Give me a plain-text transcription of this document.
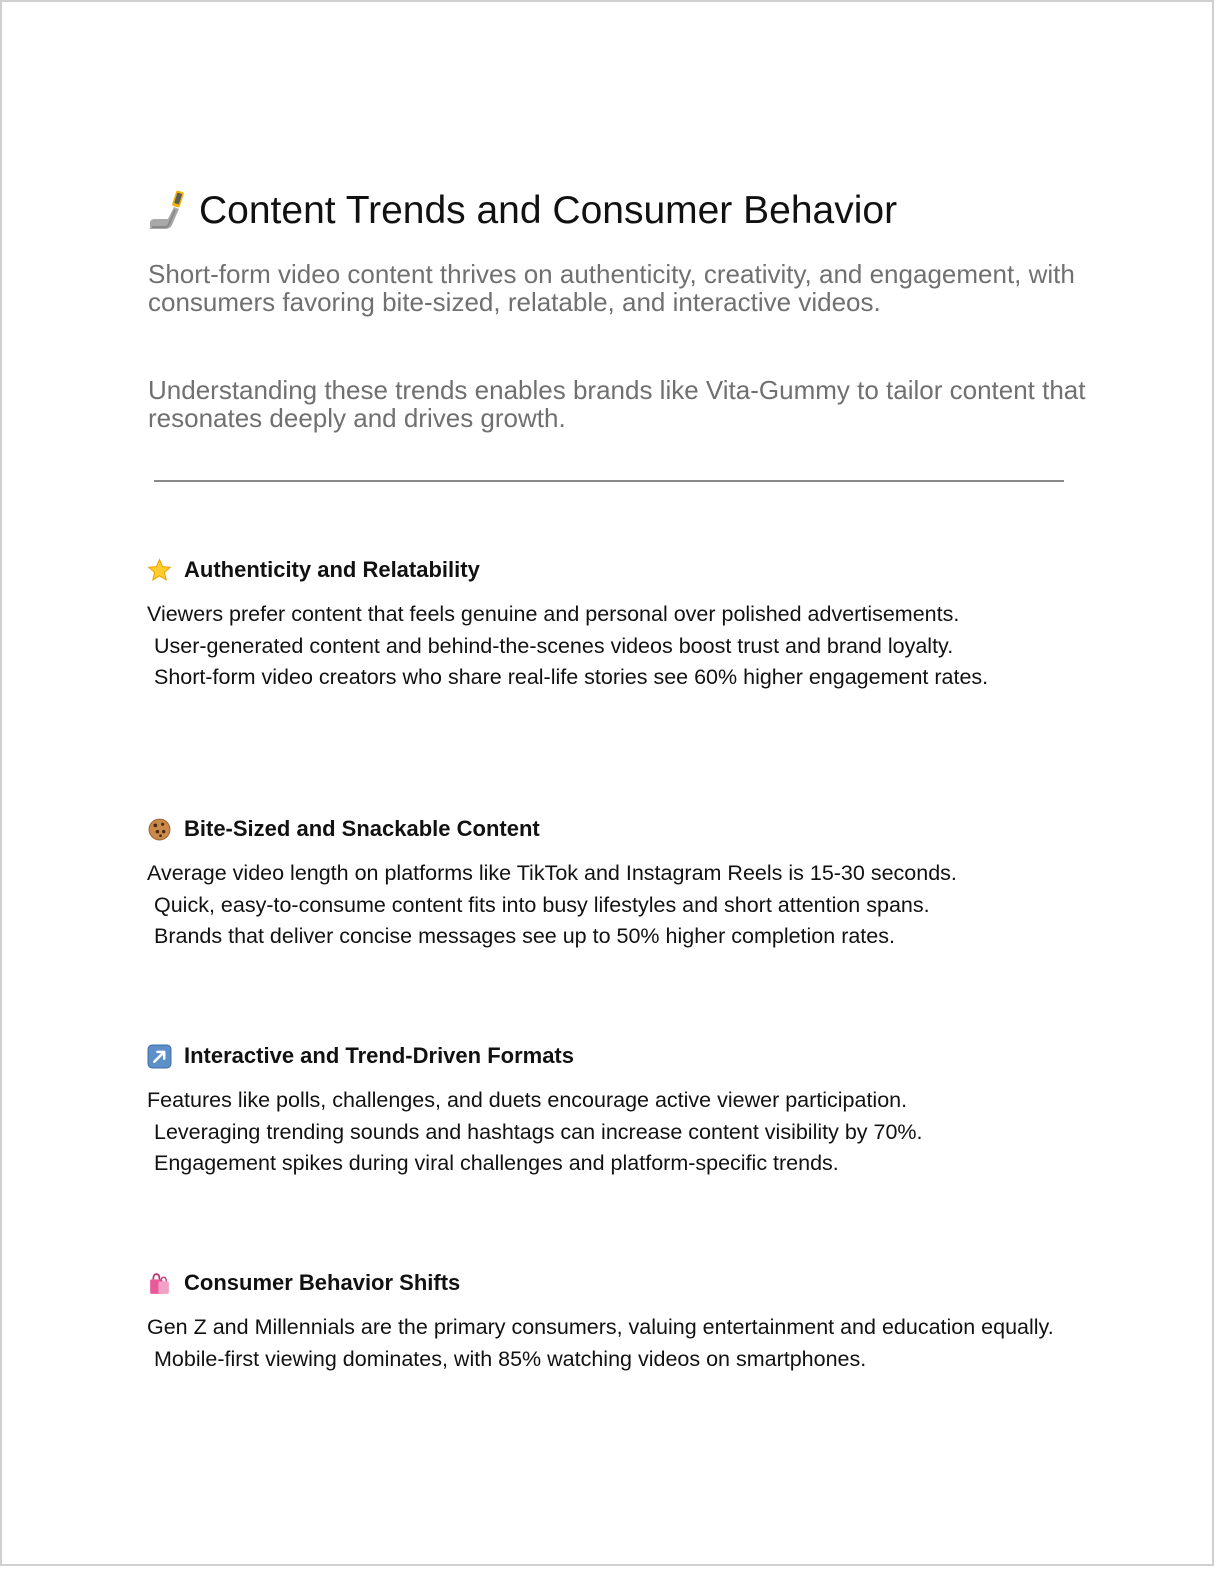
Content Trends and Consumer Behavior
Short-form video content thrives on authenticity, creativity, and engagement, with consumers favoring bite-sized, relatable, and interactive videos.
Understanding these trends enables brands like Vita-Gummy to tailor content that resonates deeply and drives growth.
Authenticity and Relatability
Viewers prefer content that feels genuine and personal over polished advertisements.
User-generated content and behind-the-scenes videos boost trust and brand loyalty.
Short-form video creators who share real-life stories see 60% higher engagement rates.
Bite-Sized and Snackable Content
Average video length on platforms like TikTok and Instagram Reels is 15-30 seconds.
Quick, easy-to-consume content fits into busy lifestyles and short attention spans.
Brands that deliver concise messages see up to 50% higher completion rates.
Interactive and Trend-Driven Formats
Features like polls, challenges, and duets encourage active viewer participation.
Leveraging trending sounds and hashtags can increase content visibility by 70%.
Engagement spikes during viral challenges and platform-specific trends.
Consumer Behavior Shifts
Gen Z and Millennials are the primary consumers, valuing entertainment and education equally.
Mobile-first viewing dominates, with 85% watching videos on smartphones.
